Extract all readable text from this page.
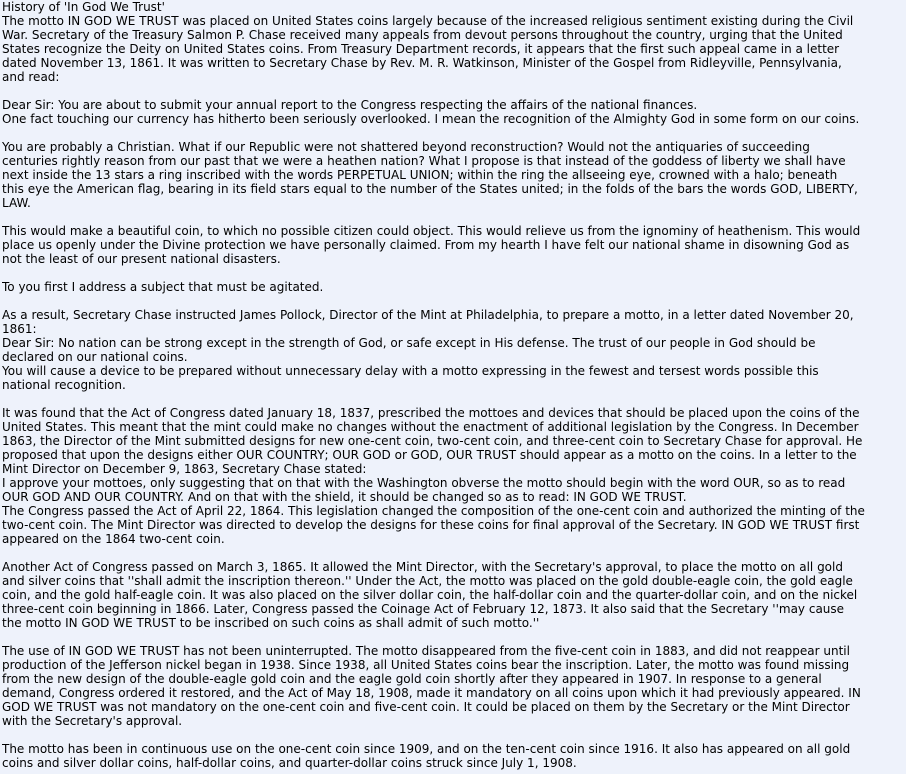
History of 'In God We Trust'
The motto IN GOD WE TRUST was placed on United States coins largely because of the increased religious sentiment existing during the Civil
War. Secretary of the Treasury Salmon P. Chase received many appeals from devout persons throughout the country, urging that the United
States recognize the Deity on United States coins. From Treasury Department records, it appears that the first such appeal came in a letter
dated November 13, 1861. It was written to Secretary Chase by Rev. M. R. Watkinson, Minister of the Gospel from Ridleyville, Pennsylvania,
and read:
Dear Sir: You are about to submit your annual report to the Congress respecting the affairs of the national finances.
One fact touching our currency has hitherto been seriously overlooked. I mean the recognition of the Almighty God in some form on our coins.
You are probably a Christian. What if our Republic were not shattered beyond reconstruction? Would not the antiquaries of succeeding
centuries rightly reason from our past that we were a heathen nation? What I propose is that instead of the goddess of liberty we shall have
next inside the 13 stars a ring inscribed with the words PERPETUAL UNION; within the ring the allseeing eye, crowned with a halo; beneath
this eye the American flag, bearing in its field stars equal to the number of the States united; in the folds of the bars the words GOD, LIBERTY,
LAW.
This would make a beautiful coin, to which no possible citizen could object. This would relieve us from the ignominy of heathenism. This would
place us openly under the Divine protection we have personally claimed. From my hearth I have felt our national shame in disowning God as
not the least of our present national disasters.
To you first I address a subject that must be agitated.
As a result, Secretary Chase instructed James Pollock, Director of the Mint at Philadelphia, to prepare a motto, in a letter dated November 20,
1861:
Dear Sir: No nation can be strong except in the strength of God, or safe except in His defense. The trust of our people in God should be
declared on our national coins.
You will cause a device to be prepared without unnecessary delay with a motto expressing in the fewest and tersest words possible this
national recognition.
It was found that the Act of Congress dated January 18, 1837, prescribed the mottoes and devices that should be placed upon the coins of the
United States. This meant that the mint could make no changes without the enactment of additional legislation by the Congress. In December
1863, the Director of the Mint submitted designs for new one-cent coin, two-cent coin, and three-cent coin to Secretary Chase for approval. He
proposed that upon the designs either OUR COUNTRY; OUR GOD or GOD, OUR TRUST should appear as a motto on the coins. In a letter to the
Mint Director on December 9, 1863, Secretary Chase stated:
I approve your mottoes, only suggesting that on that with the Washington obverse the motto should begin with the word OUR, so as to read
OUR GOD AND OUR COUNTRY. And on that with the shield, it should be changed so as to read: IN GOD WE TRUST.
The Congress passed the Act of April 22, 1864. This legislation changed the composition of the one-cent coin and authorized the minting of the
two-cent coin. The Mint Director was directed to develop the designs for these coins for final approval of the Secretary. IN GOD WE TRUST first
appeared on the 1864 two-cent coin.
Another Act of Congress passed on March 3, 1865. It allowed the Mint Director, with the Secretary's approval, to place the motto on all gold
and silver coins that ''shall admit the inscription thereon.'' Under the Act, the motto was placed on the gold double-eagle coin, the gold eagle
coin, and the gold half-eagle coin. It was also placed on the silver dollar coin, the half-dollar coin and the quarter-dollar coin, and on the nickel
three-cent coin beginning in 1866. Later, Congress passed the Coinage Act of February 12, 1873. It also said that the Secretary ''may cause
the motto IN GOD WE TRUST to be inscribed on such coins as shall admit of such motto.''
The use of IN GOD WE TRUST has not been uninterrupted. The motto disappeared from the five-cent coin in 1883, and did not reappear until
production of the Jefferson nickel began in 1938. Since 1938, all United States coins bear the inscription. Later, the motto was found missing
from the new design of the double-eagle gold coin and the eagle gold coin shortly after they appeared in 1907. In response to a general
demand, Congress ordered it restored, and the Act of May 18, 1908, made it mandatory on all coins upon which it had previously appeared. IN
GOD WE TRUST was not mandatory on the one-cent coin and five-cent coin. It could be placed on them by the Secretary or the Mint Director
with the Secretary's approval.
The motto has been in continuous use on the one-cent coin since 1909, and on the ten-cent coin since 1916. It also has appeared on all gold
coins and silver dollar coins, half-dollar coins, and quarter-dollar coins struck since July 1, 1908.
